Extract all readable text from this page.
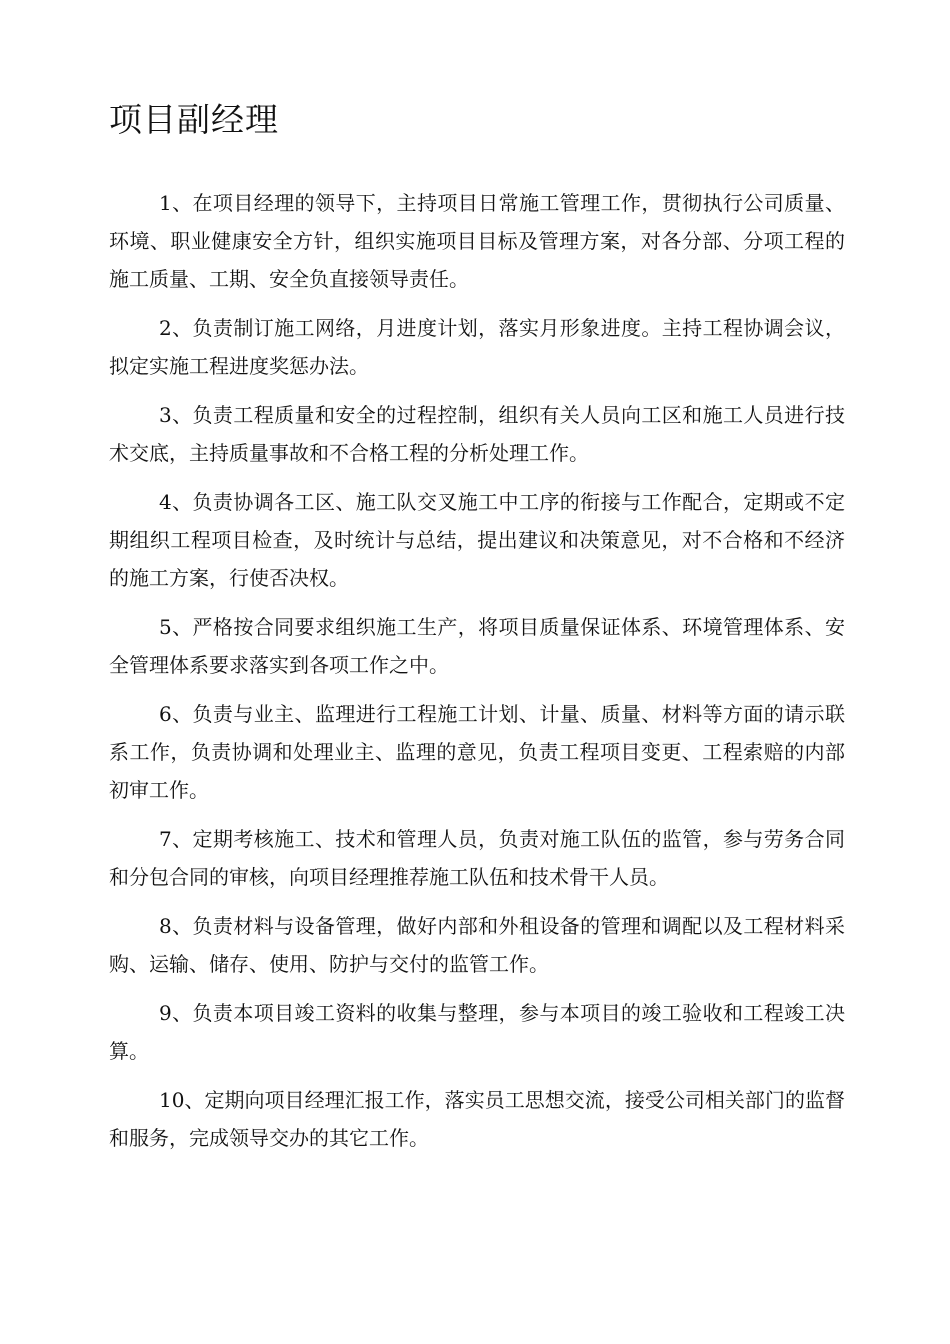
项目副经理

1、在项目经理的领导下，主持项目日常施工管理工作，贯彻执行公司质量、环境、职业健康安全方针，组织实施项目目标及管理方案，对各分部、分项工程的施工质量、工期、安全负直接领导责任。

2、负责制订施工网络，月进度计划，落实月形象进度。主持工程协调会议，拟定实施工程进度奖惩办法。

3、负责工程质量和安全的过程控制，组织有关人员向工区和施工人员进行技术交底，主持质量事故和不合格工程的分析处理工作。

4、负责协调各工区、施工队交叉施工中工序的衔接与工作配合，定期或不定期组织工程项目检查，及时统计与总结，提出建议和决策意见，对不合格和不经济的施工方案，行使否决权。

5、严格按合同要求组织施工生产，将项目质量保证体系、环境管理体系、安全管理体系要求落实到各项工作之中。

6、负责与业主、监理进行工程施工计划、计量、质量、材料等方面的请示联系工作，负责协调和处理业主、监理的意见，负责工程项目变更、工程索赔的内部初审工作。

7、定期考核施工、技术和管理人员，负责对施工队伍的监管，参与劳务合同和分包合同的审核，向项目经理推荐施工队伍和技术骨干人员。

8、负责材料与设备管理，做好内部和外租设备的管理和调配以及工程材料采购、运输、储存、使用、防护与交付的监管工作。

9、负责本项目竣工资料的收集与整理，参与本项目的竣工验收和工程竣工决算。

10、定期向项目经理汇报工作，落实员工思想交流，接受公司相关部门的监督和服务，完成领导交办的其它工作。
